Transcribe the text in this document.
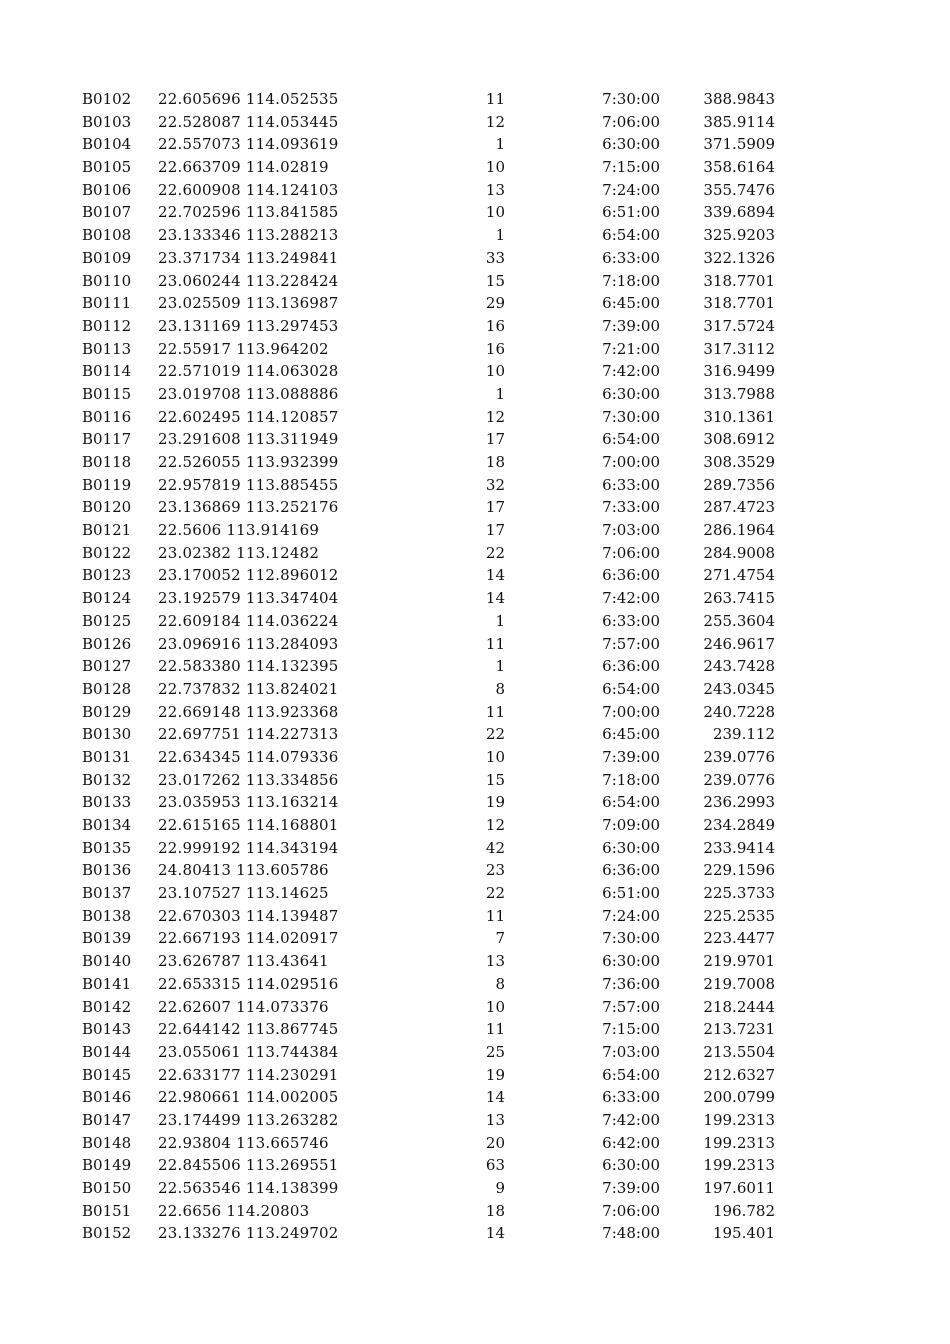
B0102 22.605696 114.052535	11	7:30:00	388.9843
B0103 22.528087 114.053445	12	7:06:00	385.9114
B0104 22.557073 114.093619	1	6:30:00	371.5909
B0105 22.663709 114.02819	10	7:15:00	358.6164
B0106 22.600908 114.124103	13	7:24:00	355.7476
B0107 22.702596 113.841585	10	6:51:00	339.6894
B0108 23.133346 113.288213	1	6:54:00	325.9203
B0109 23.371734 113.249841	33	6:33:00	322.1326
B0110 23.060244 113.228424	15	7:18:00	318.7701
B0111 23.025509 113.136987	29	6:45:00	318.7701
B0112 23.131169 113.297453	16	7:39:00	317.5724
B0113 22.55917 113.964202	16	7:21:00	317.3112
B0114 22.571019 114.063028	10	7:42:00	316.9499
B0115 23.019708 113.088886	1	6:30:00	313.7988
B0116 22.602495 114.120857	12	7:30:00	310.1361
B0117 23.291608 113.311949	17	6:54:00	308.6912
B0118 22.526055 113.932399	18	7:00:00	308.3529
B0119 22.957819 113.885455	32	6:33:00	289.7356
B0120 23.136869 113.252176	17	7:33:00	287.4723
B0121 22.5606 113.914169	17	7:03:00	286.1964
B0122 23.02382 113.12482	22	7:06:00	284.9008
B0123 23.170052 112.896012	14	6:36:00	271.4754
B0124 23.192579 113.347404	14	7:42:00	263.7415
B0125 22.609184 114.036224	1	6:33:00	255.3604
B0126 23.096916 113.284093	11	7:57:00	246.9617
B0127 22.583380 114.132395	1	6:36:00	243.7428
B0128 22.737832 113.824021	8	6:54:00	243.0345
B0129 22.669148 113.923368	11	7:00:00	240.7228
B0130 22.697751 114.227313	22	6:45:00	239.112
B0131 22.634345 114.079336	10	7:39:00	239.0776
B0132 23.017262 113.334856	15	7:18:00	239.0776
B0133 23.035953 113.163214	19	6:54:00	236.2993
B0134 22.615165 114.168801	12	7:09:00	234.2849
B0135 22.999192 114.343194	42	6:30:00	233.9414
B0136 24.80413 113.605786	23	6:36:00	229.1596
B0137 23.107527 113.14625	22	6:51:00	225.3733
B0138 22.670303 114.139487	11	7:24:00	225.2535
B0139 22.667193 114.020917	7	7:30:00	223.4477
B0140 23.626787 113.43641	13	6:30:00	219.9701
B0141 22.653315 114.029516	8	7:36:00	219.7008
B0142 22.62607 114.073376	10	7:57:00	218.2444
B0143 22.644142 113.867745	11	7:15:00	213.7231
B0144 23.055061 113.744384	25	7:03:00	213.5504
B0145 22.633177 114.230291	19	6:54:00	212.6327
B0146 22.980661 114.002005	14	6:33:00	200.0799
B0147 23.174499 113.263282	13	7:42:00	199.2313
B0148 22.93804 113.665746	20	6:42:00	199.2313
B0149 22.845506 113.269551	63	6:30:00	199.2313
B0150 22.563546 114.138399	9	7:39:00	197.6011
B0151 22.6656 114.20803	18	7:06:00	196.782
B0152 23.133276 113.249702	14	7:48:00	195.401
